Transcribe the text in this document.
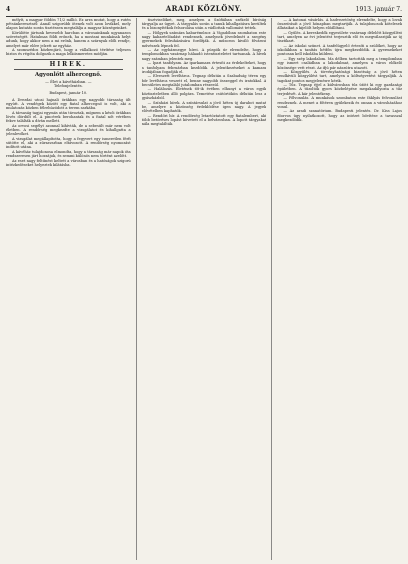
4	ARADI KÖZLÖNY.	1913. január 7.

mélyít, a magyar földön 71/2 millió. Ez arra mutat, hogy a rutén pétsánkeresztnél: Annál szigorúbb ötenek volt azon lovikkel, mely alapos kutatás során tisztéssen megtalálja a magyar községeinket.

Körülötte jártunk hevesebb harcban a városainknak ugyanazon szövetségét. Hatalmas földi erőnek, ha a mostani munkának helyt adunk, hogy akkor nem a mi erőnk, hanem a szárnyak előli rendje, amelyet már előre jelzett az egyház.

A szomszédos közbenjáró, hogy a vállalkozó térítése teljesen biztos és régóta dolgozik a maga lelkiismeretes módján.

HIREK.
Agyonlőtt alhercegnő.
— Élet a kávéházban. —
Telefonjelentés.
Budapest, január 10.

A Drezdai utcai hajnali órákban egy nagyobb társaság ült együtt. A vendégek között egy fiatal alhercegnő is volt, aki a mulatozás közben félrehúzódott a terem sarkába.

A társaság tagjai egymás után távoztak, mígnem a késői órákban lövés dördült el. A pincérek berohantak és a fiatal nőt vérében fekve találták a díván mellett.

Az orvosi segélyt azonnal kihívták, de a sebesült már nem volt életben. A rendőrség megkezdte a vizsgálatot és kihallgatta a jelenlevőket.

A vizsgálat megállapította, hogy a fegyvert egy ismeretlen férfi sütötte el, aki a zűrzavarban eltávozott. A rendőrség nyomozást indított utána.

A kávéház tulajdonosa elmondta, hogy a társaság már napok óta rendszeresen járt hozzájuk, és semmi különös nem történt azelőtt.

Az eset nagy feltűnést keltett a városban és a hatóságok szigorú intézkedéseket helyeztek kilátásba.

tisztviselőket, meg, amelyen a Szófiában székelő bíróság tárgyalja az ügyet. A tárgyalás során a tanuk kihallgatásra kerültek és a bizonyítékok felsorolása után a vádlottak vallomást tettek.

— Hölgyek számára kabaréműsor. A Vigadóban szombaton este nagy kabaréelőadást rendeznek, amelynek jövedelmét a szegény gyermekek felruházására fordítják. A műsoron kiváló fővárosi művészek lépnek fel.

— Az egyházmegye hírei. A püspök úr elrendelte, hogy a templomokban vasárnap hálaadó istentiszteletet tartsanak. A hívek nagy számban jelentek meg.

— Ipari tanfolyam. Az iparkamara értesíti az érdekelteket, hogy a tanfolyam februárban kezdődik. A jelentkezéseket a kamara irodájában fogadják el.

— Elveszett levéltárca. Tegnap délután a Szabadság téren egy bőr levéltárca veszett el, benne nagyobb összeggel és iratokkal. A becsületes megtaláló jutalomban részesül.

— Halálozás. Életének 68-ik évében elhunyt a város egyik köztiszteletben álló polgára. Temetése csütörtökön délután lesz a gyászházból.

— Színházi hírek. A színtársulat a jövő héten új darabot mutat be, amelyre a közönség érdeklődése igen nagy. A jegyek elővételben kaphatók.

— Rendőri hír. A rendőrség letartóztatott egy fiatalembert, aki több betöréses lopást követett el a belvárosban. A lopott tárgyakat nála megtalálták.

— A katonai vásárlás. A hadvezetőség elrendelte, hogy a lovak összeírását a jövő hónapban megtartják. A tulajdonosok kötelesek állataikat a kijelölt helyen előállítani.

— Gyűlés. A kereskedők egyesülete vasárnap délelőtt közgyűlést tart, amelyen az évi jelentést terjesztik elő és megválasztják az új tisztikart.

— Az iskolai szünet. A tanfelügyelő értesíti a szülőket, hogy az iskolákban a tanítás hétfőn újra megkezdődik. A gyermekeket pontosan kell iskolába küldeni.

— Egy szép lakodalom. Ma délben tartották meg a templomban egy ismert családban a lakodalmat, amelyen a város előkelő közönsége vett részt. Az ifjú pár nászútra utazott.

— Közgyűlés. A törvényhatósági bizottság a jövő héten rendkívüli közgyűlést tart, amelyen a költségvetést tárgyalják. A tagokat pontos megjelenésre kérik.

— Tűz. Tegnap éjjel a külvárosban tűz ütött ki egy gazdasági épületben. A tűzoltók gyors közbelépése megakadályozta a tűz terjedését. A kár jelentékeny.

— Főlvonulás. A munkások szombaton este fáklyás felvonulást rendeznek. A menet a főtéren gyülekezik és onnan a városházához vonul.

— Az aradi szanatórium. Budapesti jelentés. Dr. Kiss Lajos főorvos úgy nyilatkozott, hogy az intézet bővítése a tavasszal megkezdődik.
